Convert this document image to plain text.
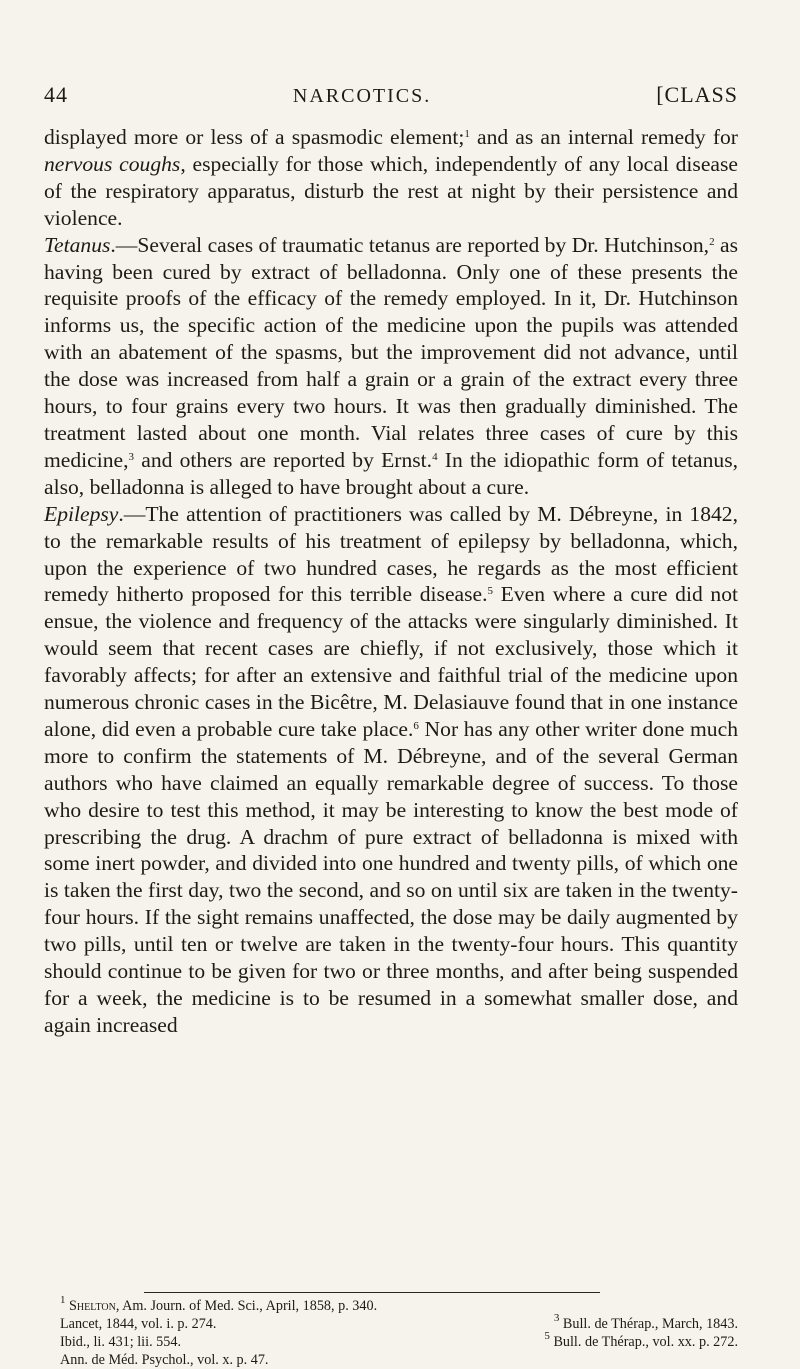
44	NARCOTICS.	[CLASS

displayed more or less of a spasmodic element;$^1$ and as an internal remedy for nervous coughs, especially for those which, independently of any local disease of the respiratory apparatus, disturb the rest at night by their persistence and violence.

Tetanus.—Several cases of traumatic tetanus are reported by Dr. Hutchinson,$^2$ as having been cured by extract of belladonna. Only one of these presents the requisite proofs of the efficacy of the remedy employed. In it, Dr. Hutchinson informs us, the specific action of the medicine upon the pupils was attended with an abatement of the spasms, but the improvement did not advance, until the dose was increased from half a grain or a grain of the extract every three hours, to four grains every two hours. It was then gradually diminished. The treatment lasted about one month. Vial relates three cases of cure by this medicine,$^3$ and others are reported by Ernst.$^4$ In the idiopathic form of tetanus, also, belladonna is alleged to have brought about a cure.

Epilepsy.—The attention of practitioners was called by M. Débreyne, in 1842, to the remarkable results of his treatment of epilepsy by belladonna, which, upon the experience of two hundred cases, he regards as the most efficient remedy hitherto proposed for this terrible disease.$^5$ Even where a cure did not ensue, the violence and frequency of the attacks were singularly diminished. It would seem that recent cases are chiefly, if not exclusively, those which it favorably affects; for after an extensive and faithful trial of the medicine upon numerous chronic cases in the Bicêtre, M. Delasiauve found that in one instance alone, did even a probable cure take place.$^6$ Nor has any other writer done much more to confirm the statements of M. Débreyne, and of the several German authors who have claimed an equally remarkable degree of success. To those who desire to test this method, it may be interesting to know the best mode of prescribing the drug. A drachm of pure extract of belladonna is mixed with some inert powder, and divided into one hundred and twenty pills, of which one is taken the first day, two the second, and so on until six are taken in the twenty-four hours. If the sight remains unaffected, the dose may be daily augmented by two pills, until ten or twelve are taken in the twenty-four hours. This quantity should continue to be given for two or three months, and after being suspended for a week, the medicine is to be resumed in a somewhat smaller dose, and again increased

$^1$ Shelton, Am. Journ. of Med. Sci., April, 1858, p. 340.
Lancet, 1844, vol. i. p. 274.	$^3$ Bull. de Thérap., March, 1843.
Ibid., li. 431; lii. 554.	$^5$ Bull. de Thérap., vol. xx. p. 272.
Ann. de Méd. Psychol., vol. x. p. 47.
